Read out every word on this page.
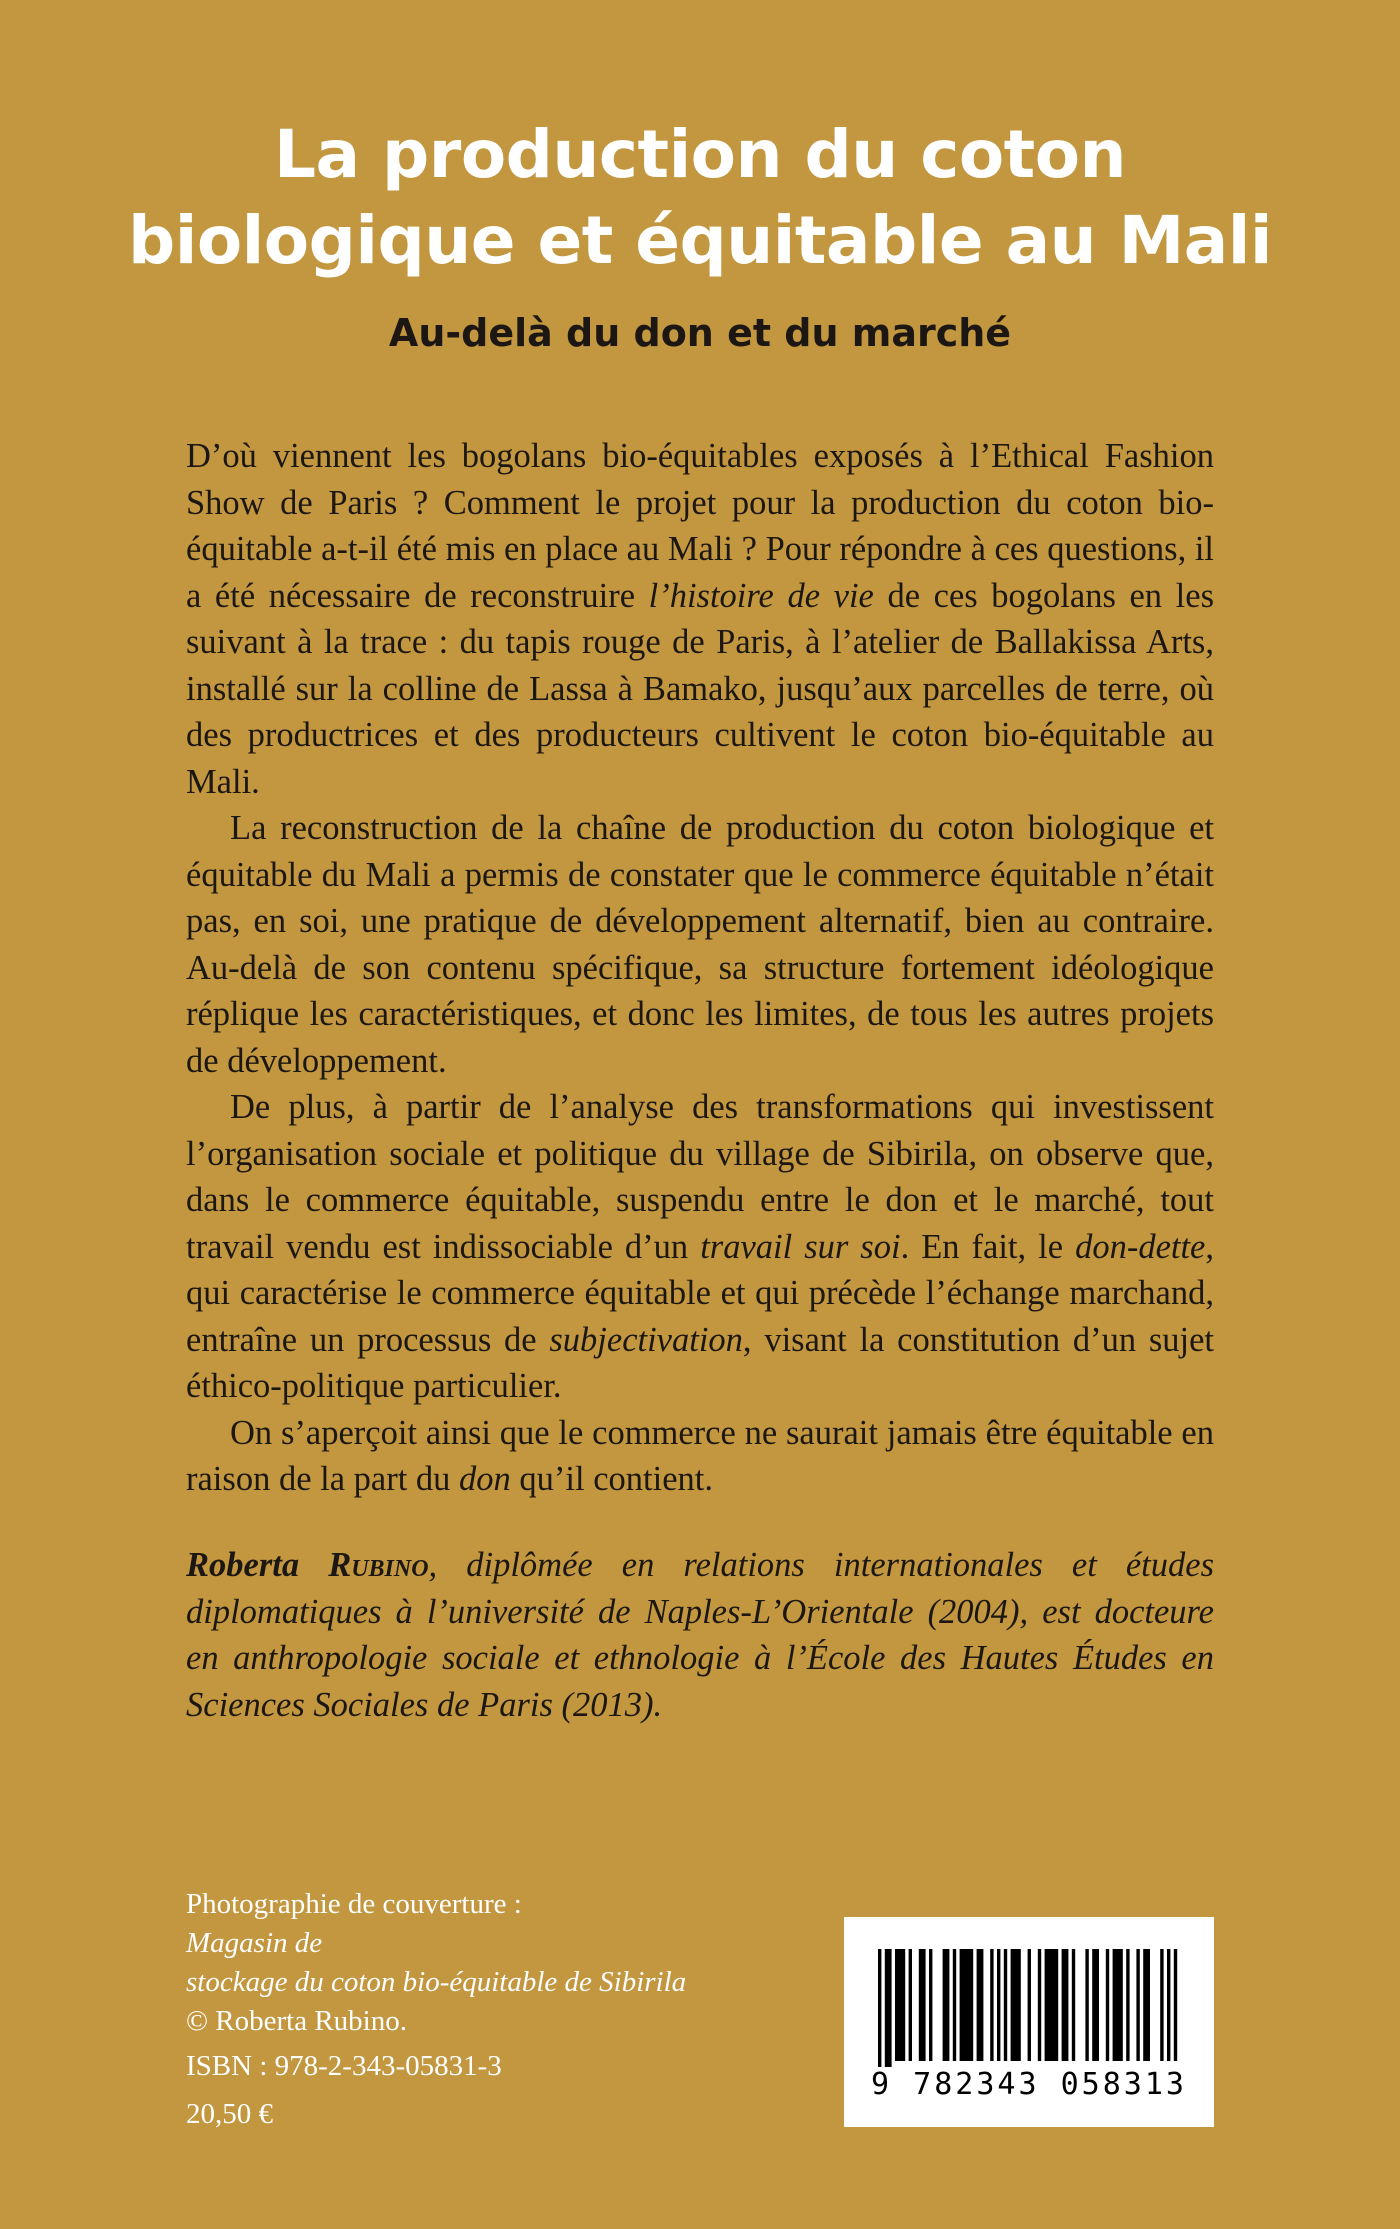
La production du coton
biologique et équitable au Mali
Au-delà du don et du marché

D’où viennent les bogolans bio-équitables exposés à l’Ethical Fashion Show de Paris ? Comment le projet pour la production du coton bio-équitable a-t-il été mis en place au Mali ? Pour répondre à ces questions, il a été nécessaire de reconstruire l’histoire de vie de ces bogolans en les suivant à la trace : du tapis rouge de Paris, à l’atelier de Ballakissa Arts, installé sur la colline de Lassa à Bamako, jusqu’aux parcelles de terre, où des productrices et des producteurs cultivent le coton bio-équitable au Mali.

La reconstruction de la chaîne de production du coton biologique et équitable du Mali a permis de constater que le commerce équitable n’était pas, en soi, une pratique de développement alternatif, bien au contraire. Au-delà de son contenu spécifique, sa structure fortement idéologique réplique les caractéristiques, et donc les limites, de tous les autres projets de développement.

De plus, à partir de l’analyse des transformations qui investissent l’organisation sociale et politique du village de Sibirila, on observe que, dans le commerce équitable, suspendu entre le don et le marché, tout travail vendu est indissociable d’un travail sur soi. En fait, le don-dette, qui caractérise le commerce équitable et qui précède l’échange marchand, entraîne un processus de subjectivation, visant la constitution d’un sujet éthico-politique particulier.

On s’aperçoit ainsi que le commerce ne saurait jamais être équitable en raison de la part du don qu’il contient.

Roberta Rubino, diplômée en relations internationales et études diplomatiques à l’université de Naples-L’Orientale (2004), est docteure en anthropologie sociale et ethnologie à l’École des Hautes Études en Sciences Sociales de Paris (2013).

Photographie de couverture :
Magasin de
stockage du coton bio-équitable de Sibirila
© Roberta Rubino.

ISBN : 978-2-343-05831-3

20,50 €

9 782343 058313
